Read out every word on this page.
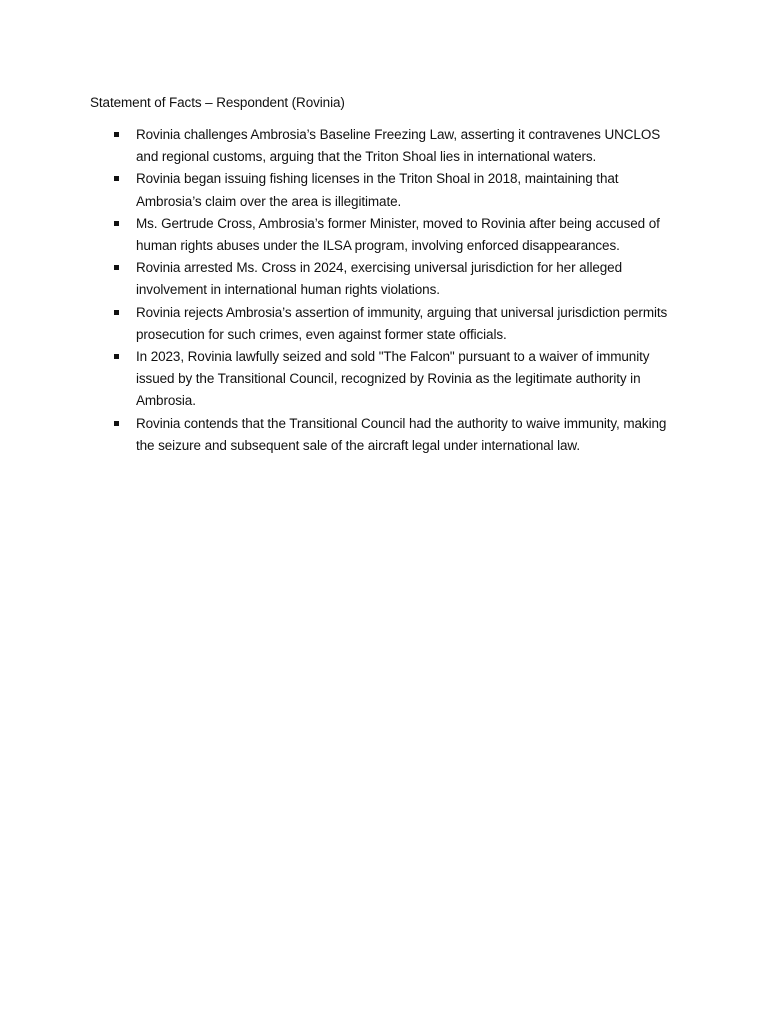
Statement of Facts – Respondent (Rovinia)

Rovinia challenges Ambrosia’s Baseline Freezing Law, asserting it contravenes UNCLOS and regional customs, arguing that the Triton Shoal lies in international waters.
Rovinia began issuing fishing licenses in the Triton Shoal in 2018, maintaining that Ambrosia’s claim over the area is illegitimate.
Ms. Gertrude Cross, Ambrosia’s former Minister, moved to Rovinia after being accused of human rights abuses under the ILSA program, involving enforced disappearances.
Rovinia arrested Ms. Cross in 2024, exercising universal jurisdiction for her alleged involvement in international human rights violations.
Rovinia rejects Ambrosia’s assertion of immunity, arguing that universal jurisdiction permits prosecution for such crimes, even against former state officials.
In 2023, Rovinia lawfully seized and sold "The Falcon" pursuant to a waiver of immunity issued by the Transitional Council, recognized by Rovinia as the legitimate authority in Ambrosia.
Rovinia contends that the Transitional Council had the authority to waive immunity, making the seizure and subsequent sale of the aircraft legal under international law.
